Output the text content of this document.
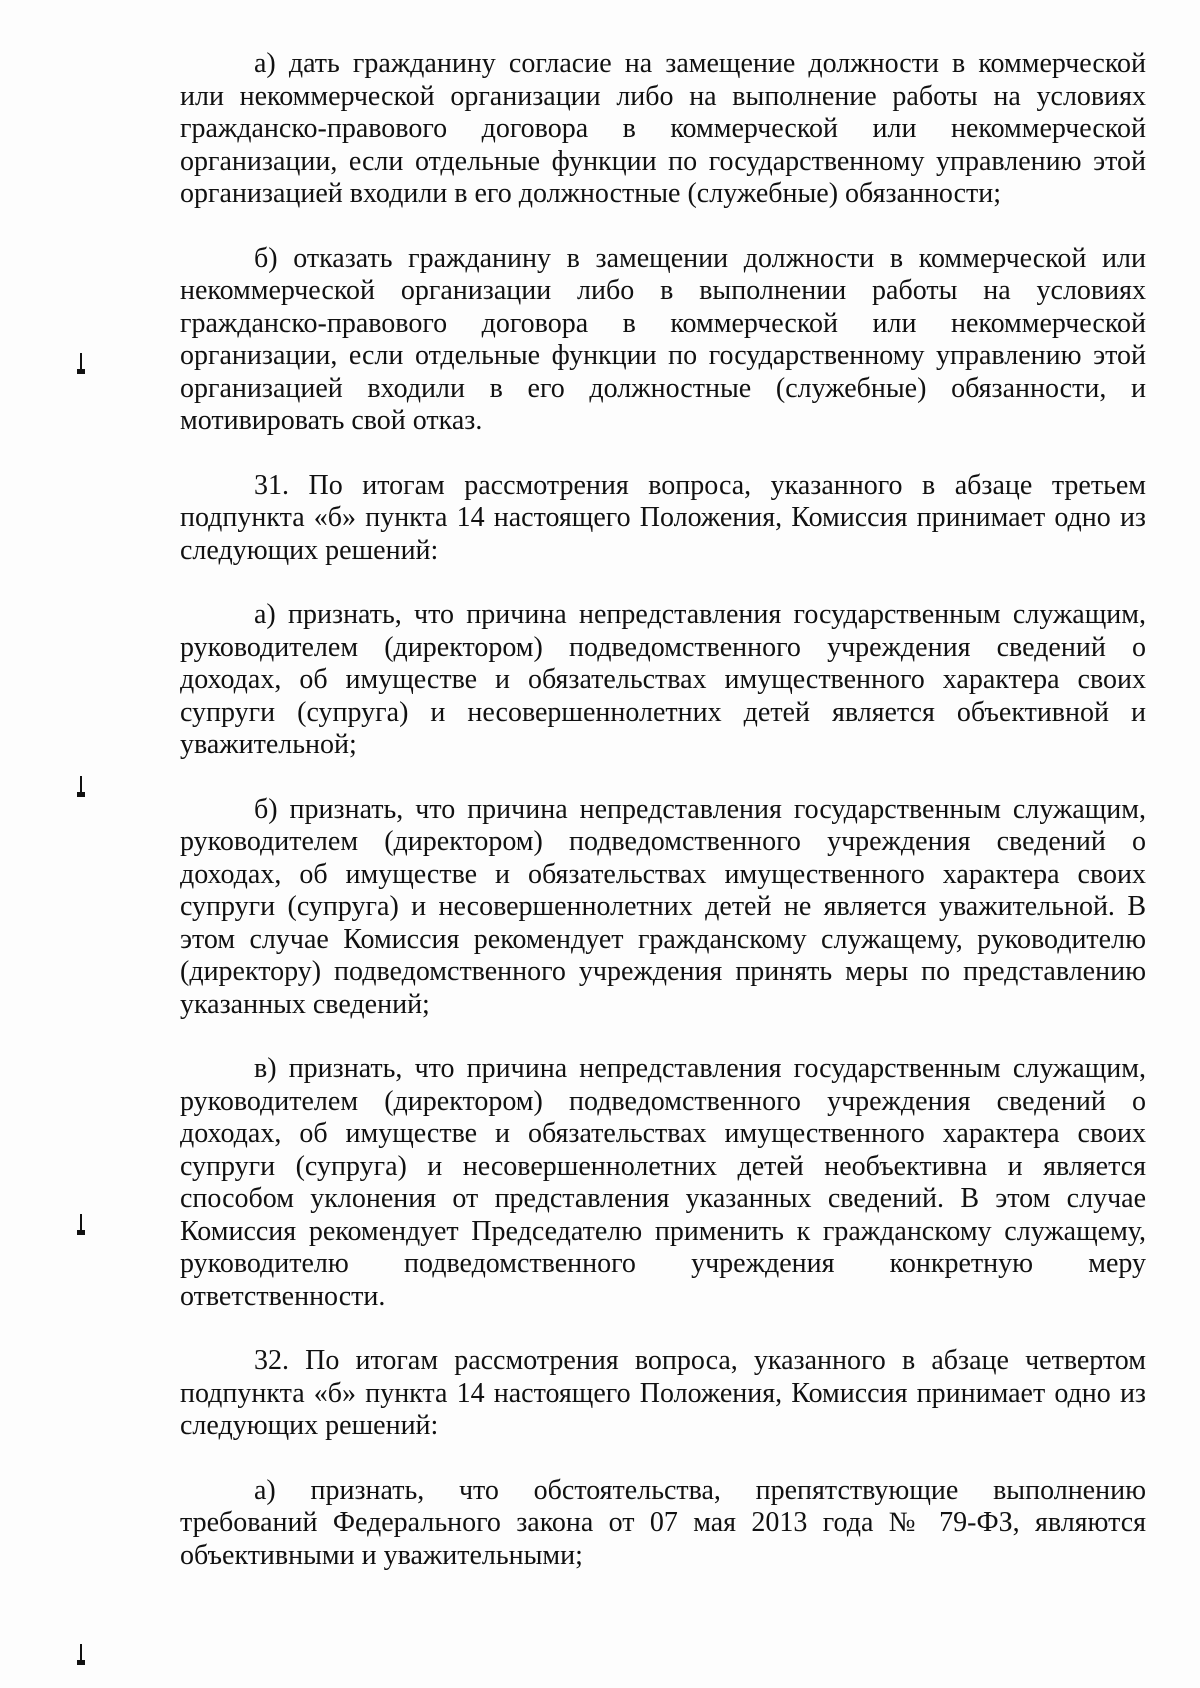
а) дать гражданину согласие на замещение должности в коммерческой или некоммерческой организации либо на выполнение работы на условиях гражданско-правового договора в коммерческой или некоммерческой организации, если отдельные функции по государственному управлению этой организацией входили в его должностные (служебные) обязанности;

б) отказать гражданину в замещении должности в коммерческой или некоммерческой организации либо в выполнении работы на условиях гражданско-правового договора в коммерческой или некоммерческой организации, если отдельные функции по государственному управлению этой организацией входили в его должностные (служебные) обязанности, и мотивировать свой отказ.

31. По итогам рассмотрения вопроса, указанного в абзаце третьем подпункта «б» пункта 14 настоящего Положения, Комиссия принимает одно из следующих решений:

а) признать, что причина непредставления государственным служащим, руководителем (директором) подведомственного учреждения сведений о доходах, об имуществе и обязательствах имущественного характера своих супруги (супруга) и несовершеннолетних детей является объективной и уважительной;

б) признать, что причина непредставления государственным служащим, руководителем (директором) подведомственного учреждения сведений о доходах, об имуществе и обязательствах имущественного характера своих супруги (супруга) и несовершеннолетних детей не является уважительной. В этом случае Комиссия рекомендует гражданскому служащему, руководителю (директору) подведомственного учреждения принять меры по представлению указанных сведений;

в) признать, что причина непредставления государственным служащим, руководителем (директором) подведомственного учреждения сведений о доходах, об имуществе и обязательствах имущественного характера своих супруги (супруга) и несовершеннолетних детей необъективна и является способом уклонения от представления указанных сведений. В этом случае Комиссия рекомендует Председателю применить к гражданскому служащему, руководителю подведомственного учреждения конкретную меру ответственности.

32. По итогам рассмотрения вопроса, указанного в абзаце четвертом подпункта «б» пункта 14 настоящего Положения, Комиссия принимает одно из следующих решений:

а) признать, что обстоятельства, препятствующие выполнению требований Федерального закона от 07 мая 2013 года № 79-ФЗ, являются объективными и уважительными;
